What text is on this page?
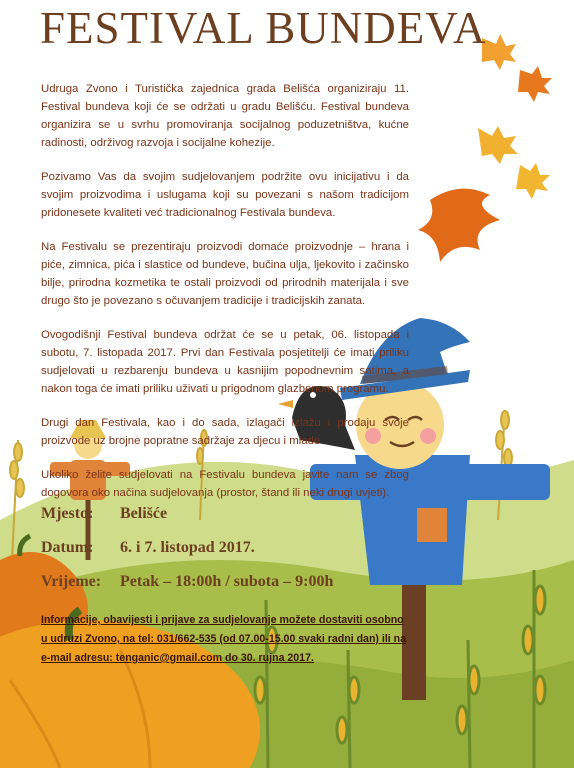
FESTIVAL BUNDEVA

Udruga Zvono i Turistička zajednica grada Belišća organiziraju 11. Festival bundeva koji će se održati u gradu Belišću. Festival bundeva organizira se u svrhu promoviranja socijalnog poduzetništva, kućne radinosti, održivog razvoja i socijalne kohezije.

Pozivamo Vas da svojim sudjelovanjem podržite ovu inicijativu i da svojim proizvodima i uslugama koji su povezani s našom tradicijom pridonesete kvaliteti već tradicionalnog Festivala bundeva.

Na Festivalu se prezentiraju proizvodi domaće proizvodnje – hrana i piće, zimnica, pića i slastice od bundeve, bučina ulja, ljekovito i začinsko bilje, prirodna kozmetika te ostali proizvodi od prirodnih materijala i sve drugo što je povezano s očuvanjem tradicije i tradicijskih zanata.

Ovogodišnji Festival bundeva održat će se u petak, 06. listopada i subotu, 7. listopada 2017. Prvi dan Festivala posjetitelji će imati priliku sudjelovati u rezbarenju bundeva u kasnijim popodnevnim satima, a nakon toga će imati priliku uživati u prigodnom glazbenom programu.

Drugi dan Festivala, kao i do sada, izlagači izlažu i prodaju svoje proizvode uz brojne popratne sadržaje za djecu i mlade.

Ukoliko želite sudjelovati na Festivalu bundeva javite nam se zbog dogovora oko načina sudjelovanja (prostor, štand ili neki drugi uvjeti).

Mjesto:	Belišće
Datum:	6. i 7. listopad 2017.
Vrijeme:	Petak – 18:00h / subota – 9:00h
Informacije, obavijesti i prijave za sudjelovanje možete dostaviti osobno u udruzi Zvono, na tel: 031/662-535 (od 07.00-15.00 svaki radni dan) ili na e-mail adresu: tenganic@gmail.com do 30. rujna 2017.
